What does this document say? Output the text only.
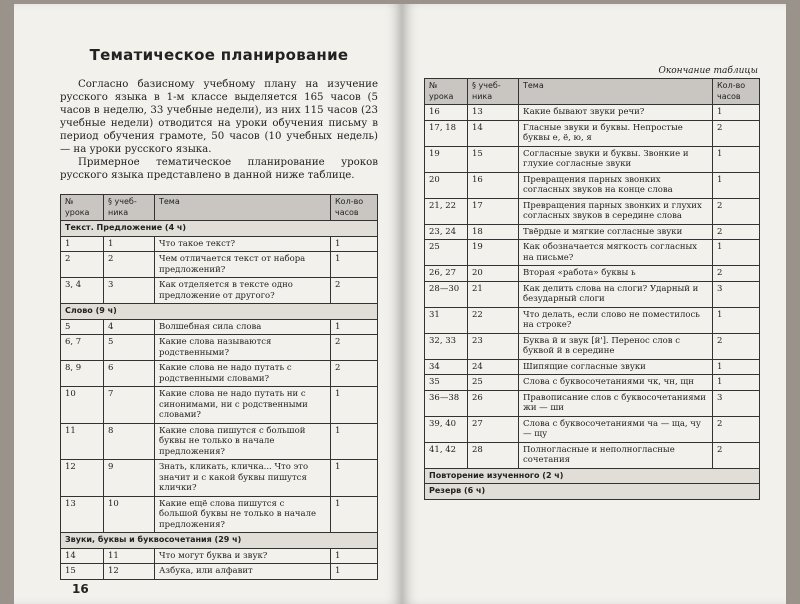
Тематическое планирование

Согласно базисному учебному плану на изучение русского языка в 1-м классе выделяется 165 часов (5 часов в неделю, 33 учебные недели), из них 115 часов (23 учебные недели) отводится на уроки обучения письму в период обучения грамоте, 50 часов (10 учебных недель) — на уроки русского языка.

Примерное тематическое планирование уроков русского языка представлено в данной ниже таблице.

№ урока	§ учеб-ника	Тема	Кол-во часов
Текст. Предложение (4 ч)			
1	1	Что такое текст?	1
2	2	Чем отличается текст от набора предложений?	1
3, 4	3	Как отделяется в тексте одно предложение от другого?	2
Слово (9 ч)			
5	4	Волшебная сила слова	1
6, 7	5	Какие слова называются родственными?	2
8, 9	6	Какие слова не надо путать с родственными словами?	2
10	7	Какие слова не надо путать ни с синонимами, ни с родственными словами?	1
11	8	Какие слова пишутся с большой буквы не только в начале предложения?	1
12	9	Знать, кликать, кличка... Что это значит и с какой буквы пишутся клички?	1
13	10	Какие ещё слова пишутся с большой буквы не только в начале предложения?	1
Звуки, буквы и буквосочетания (29 ч)			
14	11	Что могут буква и звук?	1
15	12	Азбука, или алфавит	1
16
Окончание таблицы
№ урока	§ учеб-ника	Тема	Кол-во часов
16	13	Какие бывают звуки речи?	1
17, 18	14	Гласные звуки и буквы. Непростые буквы е, ё, ю, я	2
19	15	Согласные звуки и буквы. Звонкие и глухие согласные звуки	1
20	16	Превращения парных звонких согласных звуков на конце слова	1
21, 22	17	Превращения парных звонких и глухих согласных звуков в середине слова	2
23, 24	18	Твёрдые и мягкие согласные звуки	2
25	19	Как обозначается мягкость согласных на письме?	1
26, 27	20	Вторая «работа» буквы ь	2
28—30	21	Как делить слова на слоги? Ударный и безударный слоги	3
31	22	Что делать, если слово не поместилось на строке?	1
32, 33	23	Буква й и звук [й']. Перенос слов с буквой й в середине	2
34	24	Шипящие согласные звуки	1
35	25	Слова с буквосочетаниями чк, чн, щн	1
36—38	26	Правописание слов с буквосочетаниями жи — ши	3
39, 40	27	Слова с буквосочетаниями ча — ща, чу — щу	2
41, 42	28	Полногласные и неполногласные сочетания	2
Повторение изученного (2 ч)			
Резерв (6 ч)			
